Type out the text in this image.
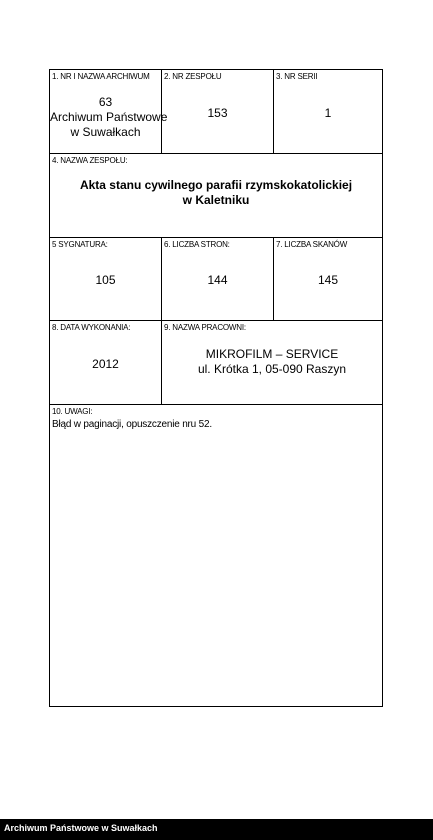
1. NR I NAZWA ARCHIWUM
63
Archiwum Państwowe
w Suwałkach
2. NR ZESPOŁU
153
3. NR SERII
1
4. NAZWA ZESPOŁU:
Akta stanu cywilnego parafii rzymskokatolickiej
w Kaletniku
5 SYGNATURA:
105
6. LICZBA STRON:
144
7. LICZBA SKANÓW
145
8. DATA WYKONANIA:
2012
9. NAZWA PRACOWNI:
MIKROFILM – SERVICE
ul. Krótka 1, 05-090 Raszyn
10. UWAGI:
Błąd w paginacji, opuszczenie nru 52.
Archiwum Państwowe w Suwałkach
